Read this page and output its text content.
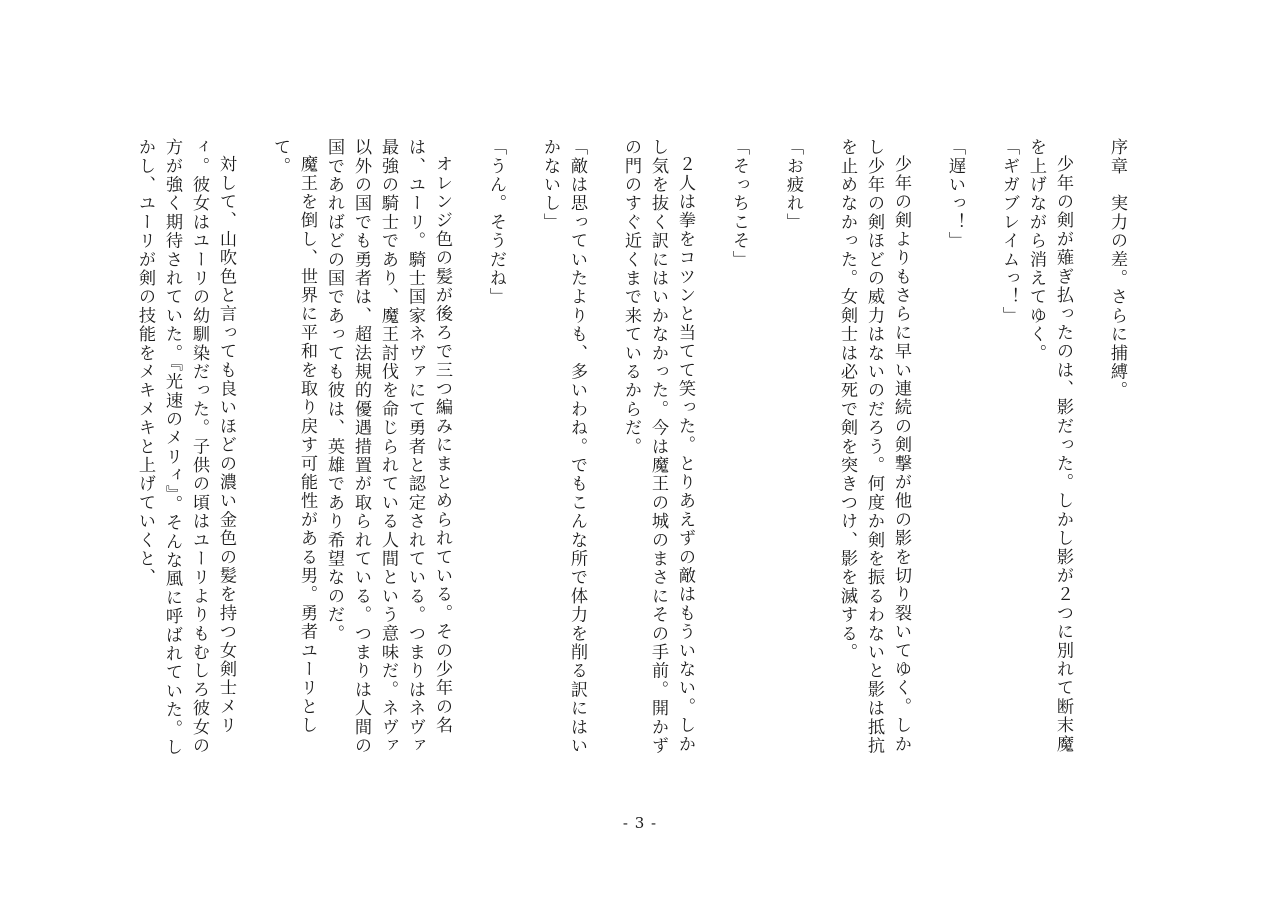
序章　実力の差。さらに捕縛。

少年の剣が薙ぎ払ったのは、影だった。しかし影が２つに別れて断末魔を上げながら消えてゆく。

「ギガブレイムっ！」

「遅いっ！」

少年の剣よりもさらに早い連続の剣撃が他の影を切り裂いてゆく。しかし少年の剣ほどの威力はないのだろう。何度か剣を振るわないと影は抵抗を止めなかった。女剣士は必死で剣を突きつけ、影を滅する。

「お疲れ」

「そっちこそ」

２人は拳をコツンと当てて笑った。とりあえずの敵はもういない。しかし気を抜く訳にはいかなかった。今は魔王の城のまさにその手前。開かずの門のすぐ近くまで来ているからだ。

「敵は思っていたよりも、多いわね。でもこんな所で体力を削る訳にはいかないし」

「うん。そうだね」

オレンジ色の髪が後ろで三つ編みにまとめられている。その少年の名は、ユーリ。騎士国家ネヴァにて勇者と認定されている。つまりはネヴァ最強の騎士であり、魔王討伐を命じられている人間という意味だ。ネヴァ以外の国でも勇者は、超法規的優遇措置が取られている。つまりは人間の国であればどの国であっても彼は、英雄であり希望なのだ。

魔王を倒し、世界に平和を取り戻す可能性がある男。勇者ユーリとして。

対して、山吹色と言っても良いほどの濃い金色の髪を持つ女剣士メリィ。彼女はユーリの幼馴染だった。子供の頃はユーリよりもむしろ彼女の方が強く期待されていた。『光速のメリィ』。そんな風に呼ばれていた。しかし、ユーリが剣の技能をメキメキと上げていくと、

- 3 -
